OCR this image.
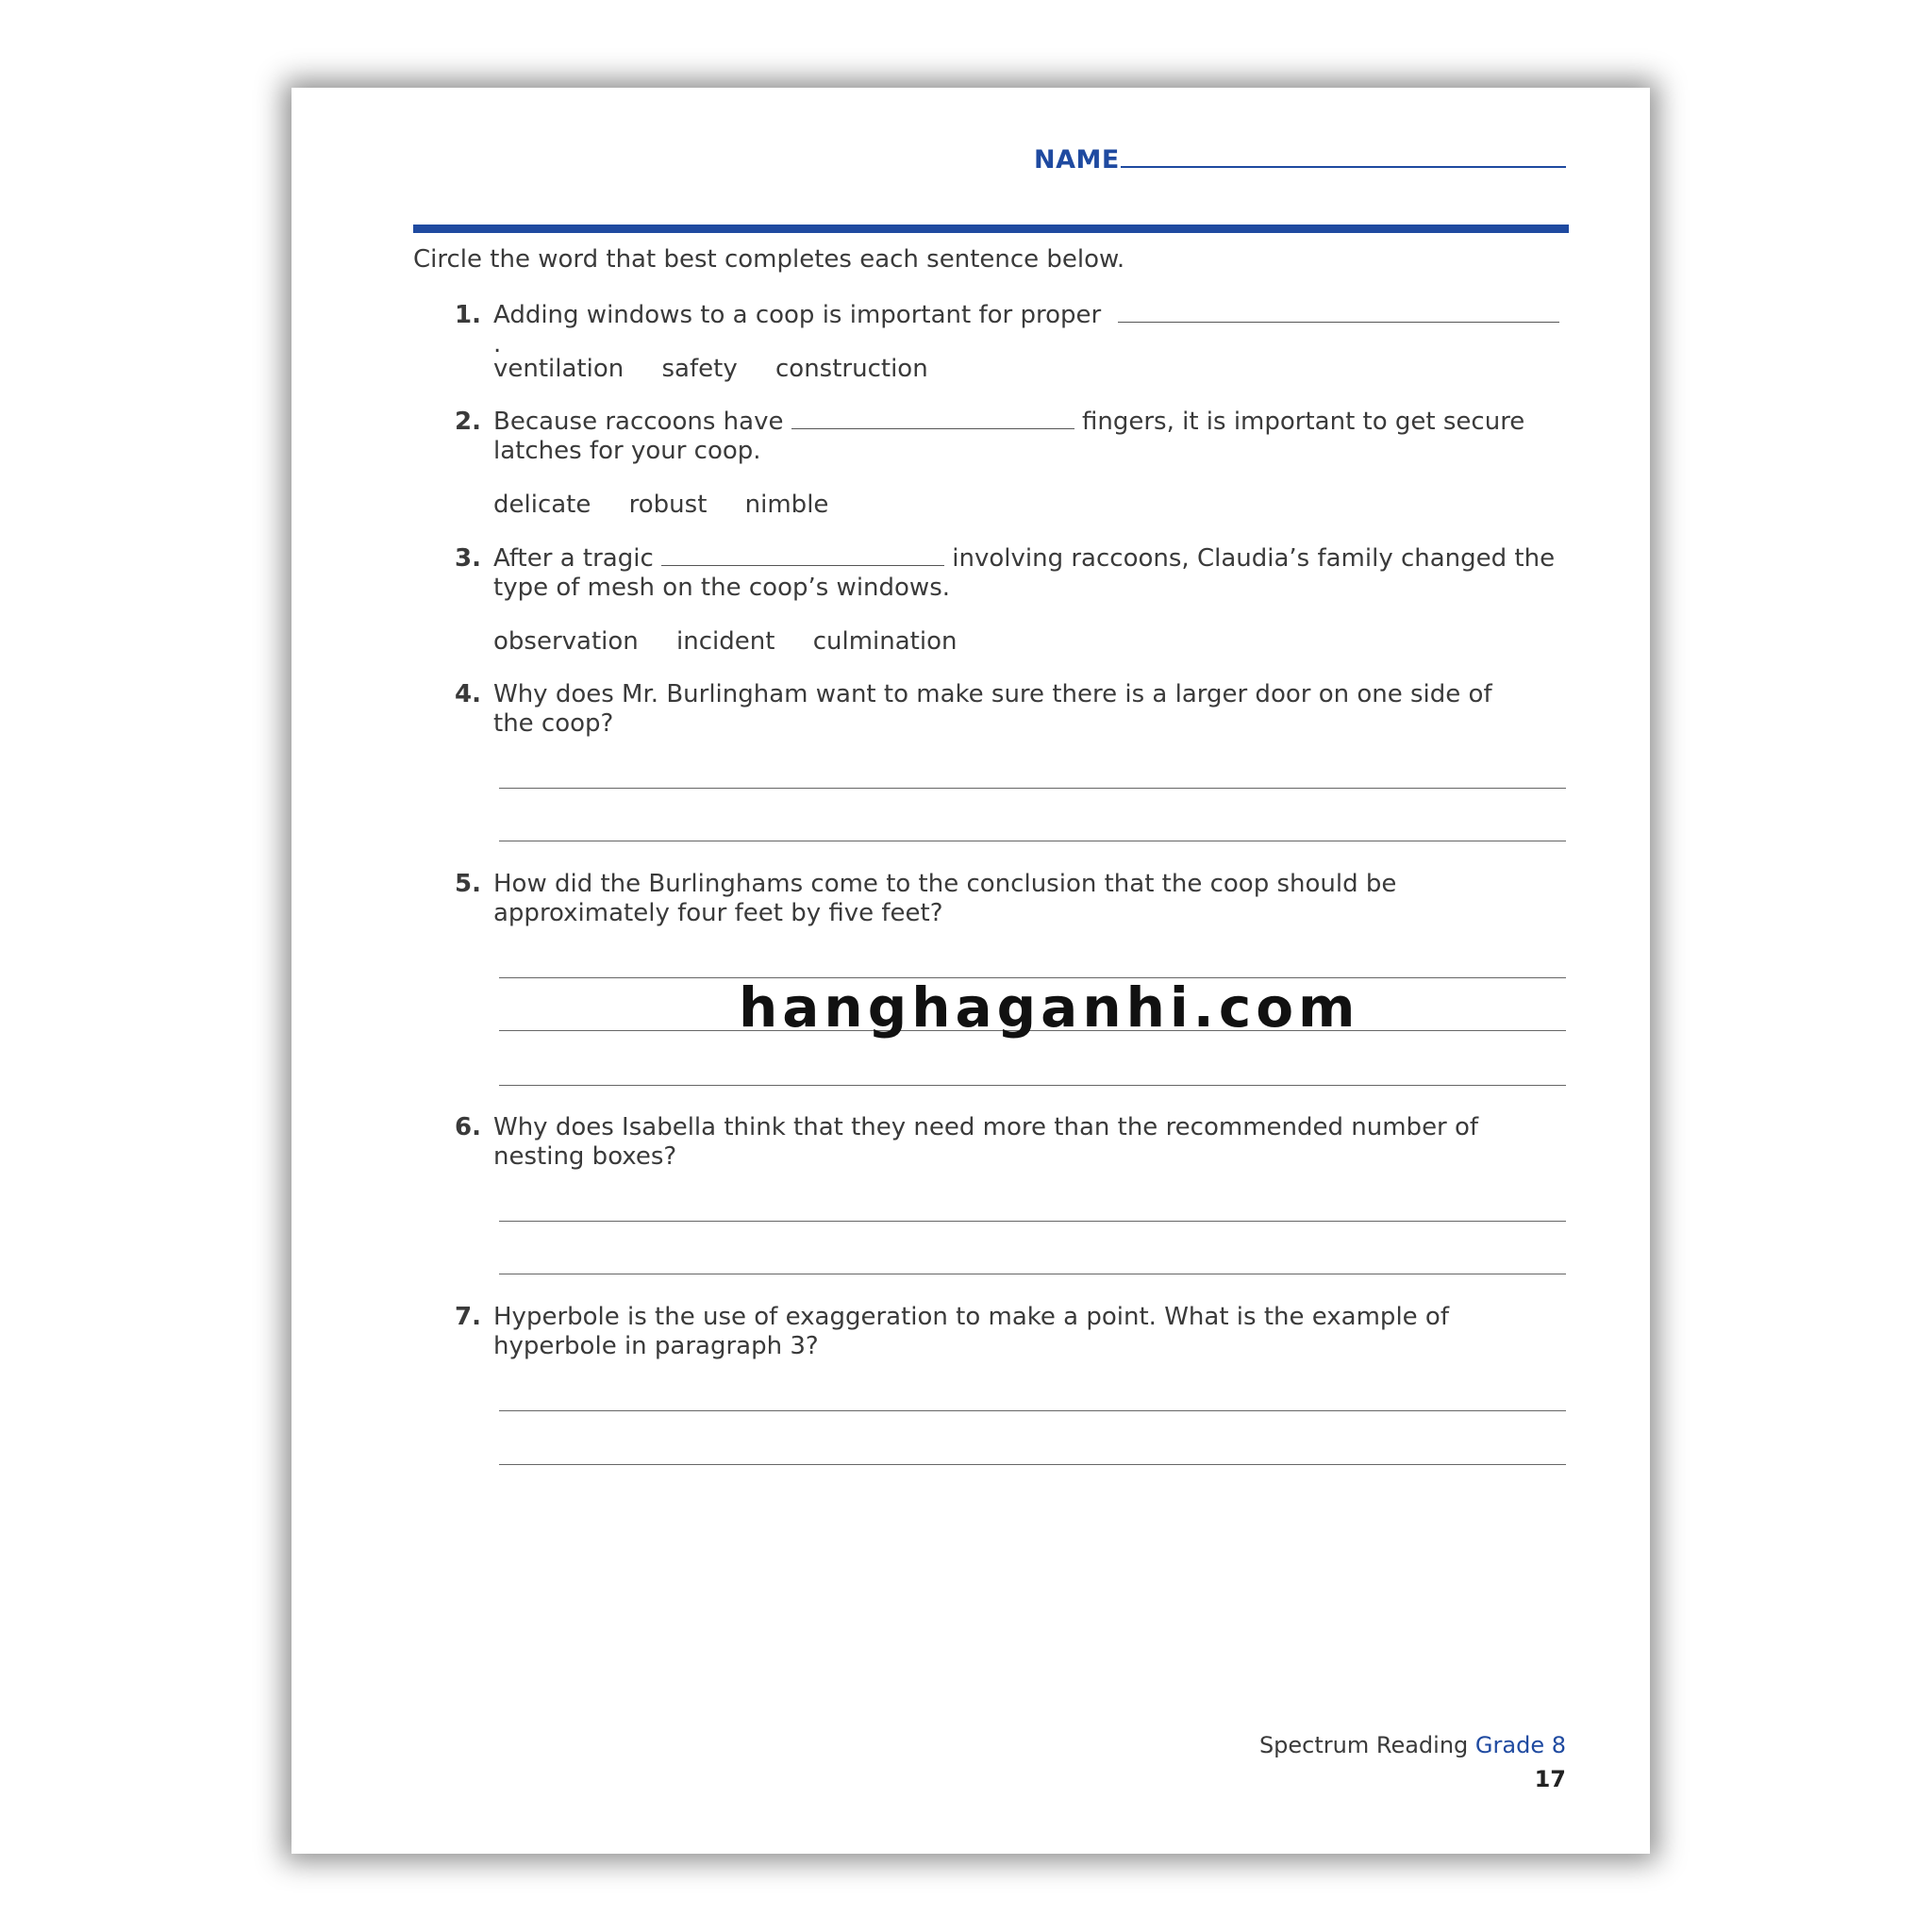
NAME
Circle the word that best completes each sentence below.
1. Adding windows to a coop is important for proper  .
ventilation safety construction
2. Because raccoons have	fingers, it is important to get secure latches for your coop.
delicate robust nimble
3. After a tragic	involving raccoons, Claudia’s family changed the type of mesh on the coop’s windows.
observation incident culmination
4. Why does Mr. Burlingham want to make sure there is a larger door on one side of the coop?
5. How did the Burlinghams come to the conclusion that the coop should be approximately four feet by five feet?
6. Why does Isabella think that they need more than the recommended number of nesting boxes?
7. Hyperbole is the use of exaggeration to make a point. What is the example of hyperbole in paragraph 3?
hanghaganhi.com
Spectrum Reading Grade 8
17
